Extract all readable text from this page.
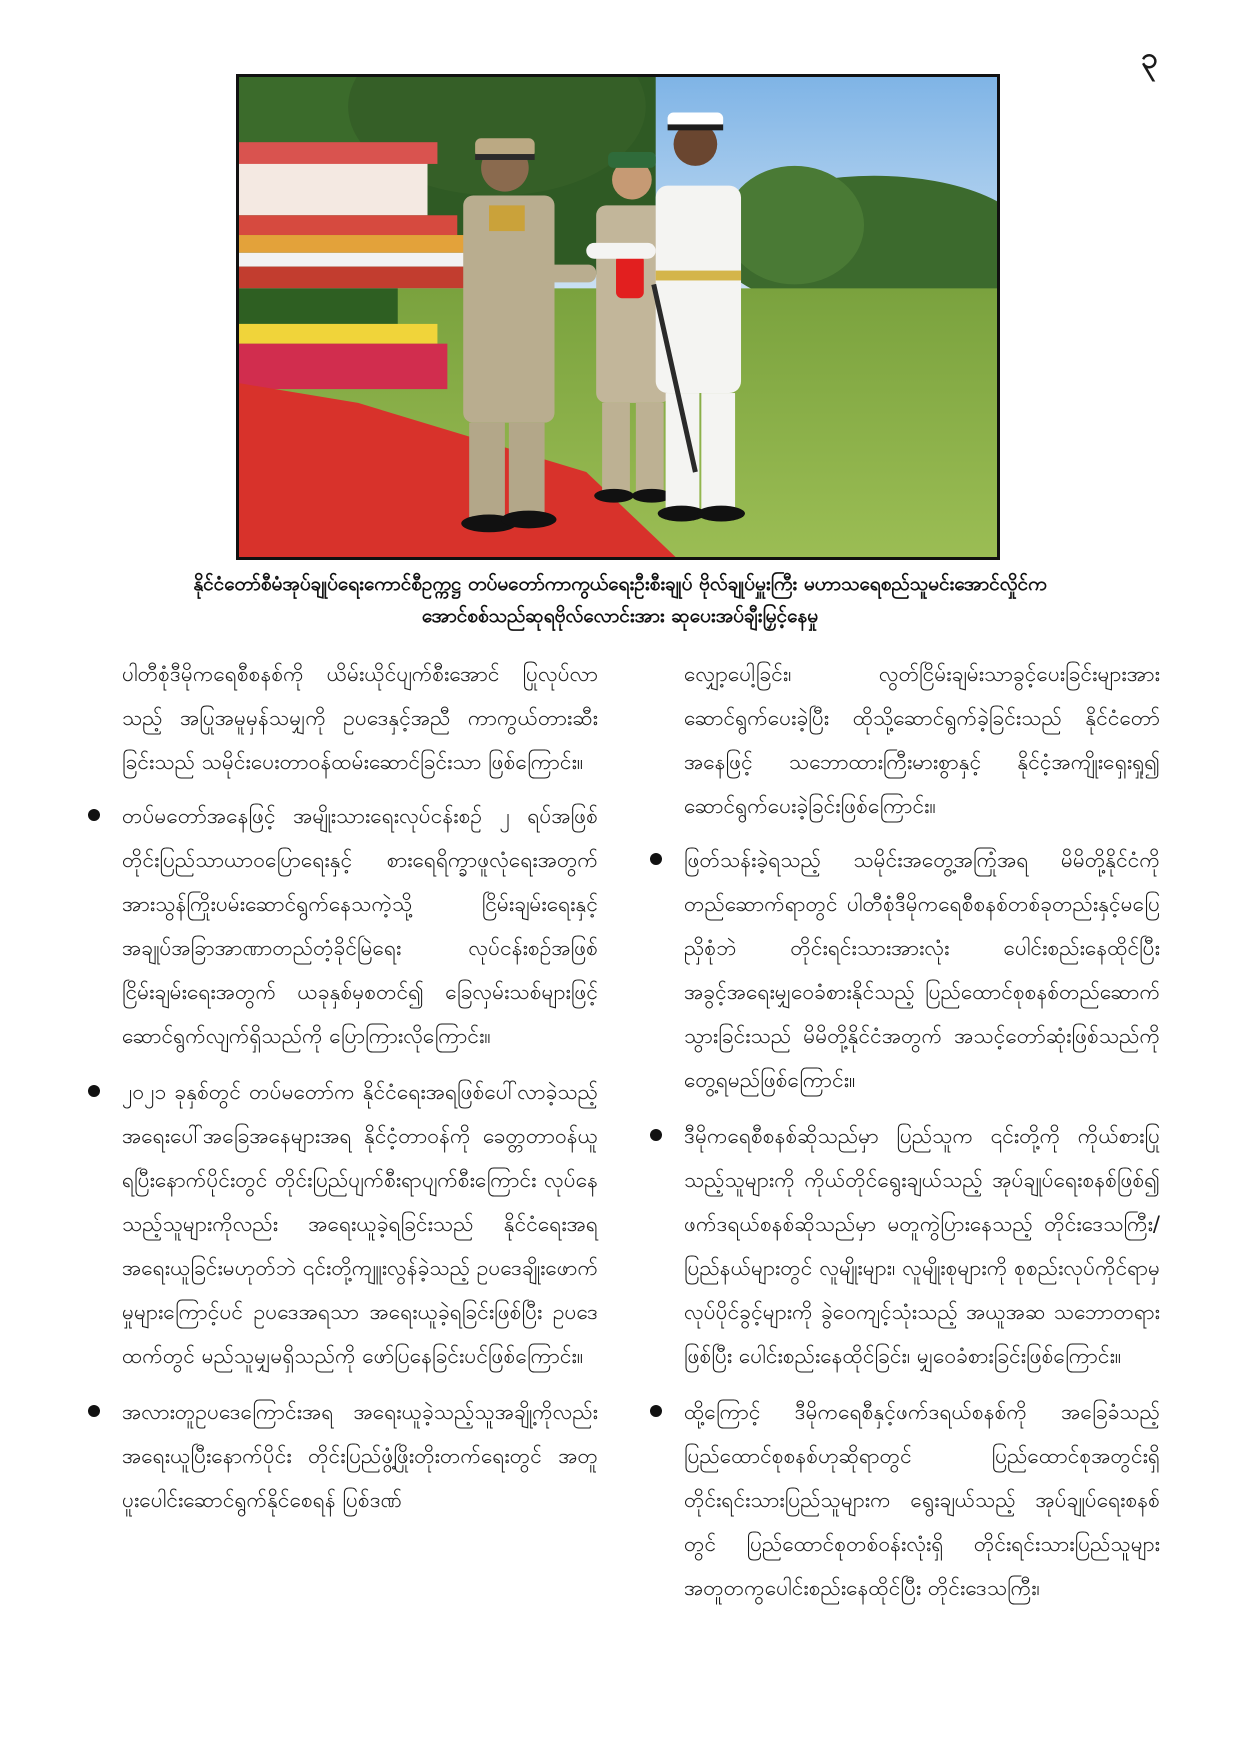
၃
နိုင်ငံတော်စီမံအုပ်ချုပ်ရေးကောင်စီဥက္ကဋ္ဌ တပ်မတော်ကာကွယ်ရေးဦးစီးချုပ် ဗိုလ်ချုပ်မှူးကြီး မဟာသရေစည်သူမင်းအောင်လှိုင်က
အောင်စစ်သည်ဆုရဗိုလ်လောင်းအား ဆုပေးအပ်ချီးမြှင့်နေမှု

ပါတီစုံဒီမိုကရေစီစနစ်ကို ယိမ်းယိုင်ပျက်စီးအောင် ပြုလုပ်လာသည့် အပြုအမူမှန်သမျှကို ဥပဒေနှင့်အညီ ကာကွယ်တားဆီးခြင်းသည် သမိုင်းပေးတာဝန်ထမ်းဆောင်ခြင်းသာ ဖြစ်ကြောင်း။

တပ်မတော်အနေဖြင့် အမျိုးသားရေးလုပ်ငန်းစဉ် ၂ ရပ်အဖြစ် တိုင်းပြည်သာယာဝပြောရေးနှင့် စားရေရိက္ခာဖူလုံရေးအတွက် အားသွန်ကြိုးပမ်းဆောင်ရွက်နေသကဲ့သို့ ငြိမ်းချမ်းရေးနှင့် အချုပ်အခြာအာဏာတည်တံ့ခိုင်မြဲရေး လုပ်ငန်းစဉ်အဖြစ် ငြိမ်းချမ်းရေးအတွက် ယခုနှစ်မှစတင်၍ ခြေလှမ်းသစ်များဖြင့် ဆောင်ရွက်လျက်ရှိသည်ကို ပြောကြားလိုကြောင်း။
၂၀၂၁ ခုနှစ်တွင် တပ်မတော်က နိုင်ငံရေးအရဖြစ်ပေါ်လာခဲ့သည့် အရေးပေါ်အခြေအနေများအရ နိုင်ငံ့တာဝန်ကို ခေတ္တတာဝန်ယူရပြီးနောက်ပိုင်းတွင် တိုင်းပြည်ပျက်စီးရာပျက်စီးကြောင်း လုပ်နေသည့်သူများကိုလည်း အရေးယူခဲ့ရခြင်းသည် နိုင်ငံရေးအရအရေးယူခြင်းမဟုတ်ဘဲ ၎င်းတို့ကျူးလွန်ခဲ့သည့် ဥပဒေချိုးဖောက်မှုများကြောင့်ပင် ဥပဒေအရသာ အရေးယူခဲ့ရခြင်းဖြစ်ပြီး ဥပဒေထက်တွင် မည်သူမျှမရှိသည်ကို ဖော်ပြနေခြင်းပင်ဖြစ်ကြောင်း။
အလားတူဥပဒေကြောင်းအရ အရေးယူခဲ့သည့်သူအချို့ကိုလည်း အရေးယူပြီးနောက်ပိုင်း တိုင်းပြည်ဖွံ့ဖြိုးတိုးတက်ရေးတွင် အတူပူးပေါင်းဆောင်ရွက်နိုင်စေရန် ပြစ်ဒဏ်

လျှော့ပေါ့ခြင်း၊ လွတ်ငြိမ်းချမ်းသာခွင့်ပေးခြင်းများအား ဆောင်ရွက်ပေးခဲ့ပြီး ထိုသို့ဆောင်ရွက်ခဲ့ခြင်းသည် နိုင်ငံတော်အနေဖြင့် သဘောထားကြီးမားစွာနှင့် နိုင်ငံ့အကျိုးရှေးရှု၍ ဆောင်ရွက်ပေးခဲ့ခြင်းဖြစ်ကြောင်း။

ဖြတ်သန်းခဲ့ရသည့် သမိုင်းအတွေ့အကြုံအရ မိမိတို့နိုင်ငံကို တည်ဆောက်ရာတွင် ပါတီစုံဒီမိုကရေစီစနစ်တစ်ခုတည်းနှင့်မပြေညှိစုံဘဲ တိုင်းရင်းသားအားလုံး ပေါင်းစည်းနေထိုင်ပြီး အခွင့်အရေးမျှဝေခံစားနိုင်သည့် ပြည်ထောင်စုစနစ်တည်ဆောက်သွားခြင်းသည် မိမိတို့နိုင်ငံအတွက် အသင့်တော်ဆုံးဖြစ်သည်ကို တွေ့ရမည်ဖြစ်ကြောင်း။
ဒီမိုကရေစီစနစ်ဆိုသည်မှာ ပြည်သူက ၎င်းတို့ကို ကိုယ်စားပြုသည့်သူများကို ကိုယ်တိုင်ရွေးချယ်သည့် အုပ်ချုပ်ရေးစနစ်ဖြစ်၍ ဖက်ဒရယ်စနစ်ဆိုသည်မှာ မတူကွဲပြားနေသည့် တိုင်းဒေသကြီး/ ပြည်နယ်များတွင် လူမျိုးများ၊ လူမျိုးစုများကို စုစည်းလုပ်ကိုင်ရာမှ လုပ်ပိုင်ခွင့်များကို ခွဲဝေကျင့်သုံးသည့် အယူအဆ သဘောတရားဖြစ်ပြီး ပေါင်းစည်းနေထိုင်ခြင်း၊ မျှဝေခံစားခြင်းဖြစ်ကြောင်း။
ထို့ကြောင့် ဒီမိုကရေစီနှင့်ဖက်ဒရယ်စနစ်ကို အခြေခံသည့် ပြည်ထောင်စုစနစ်ဟုဆိုရာတွင် ပြည်ထောင်စုအတွင်းရှိ တိုင်းရင်းသားပြည်သူများက ရွေးချယ်သည့် အုပ်ချုပ်ရေးစနစ်တွင် ပြည်ထောင်စုတစ်ဝန်းလုံးရှိ တိုင်းရင်းသားပြည်သူများ အတူတကွပေါင်းစည်းနေထိုင်ပြီး တိုင်းဒေသကြီး၊
